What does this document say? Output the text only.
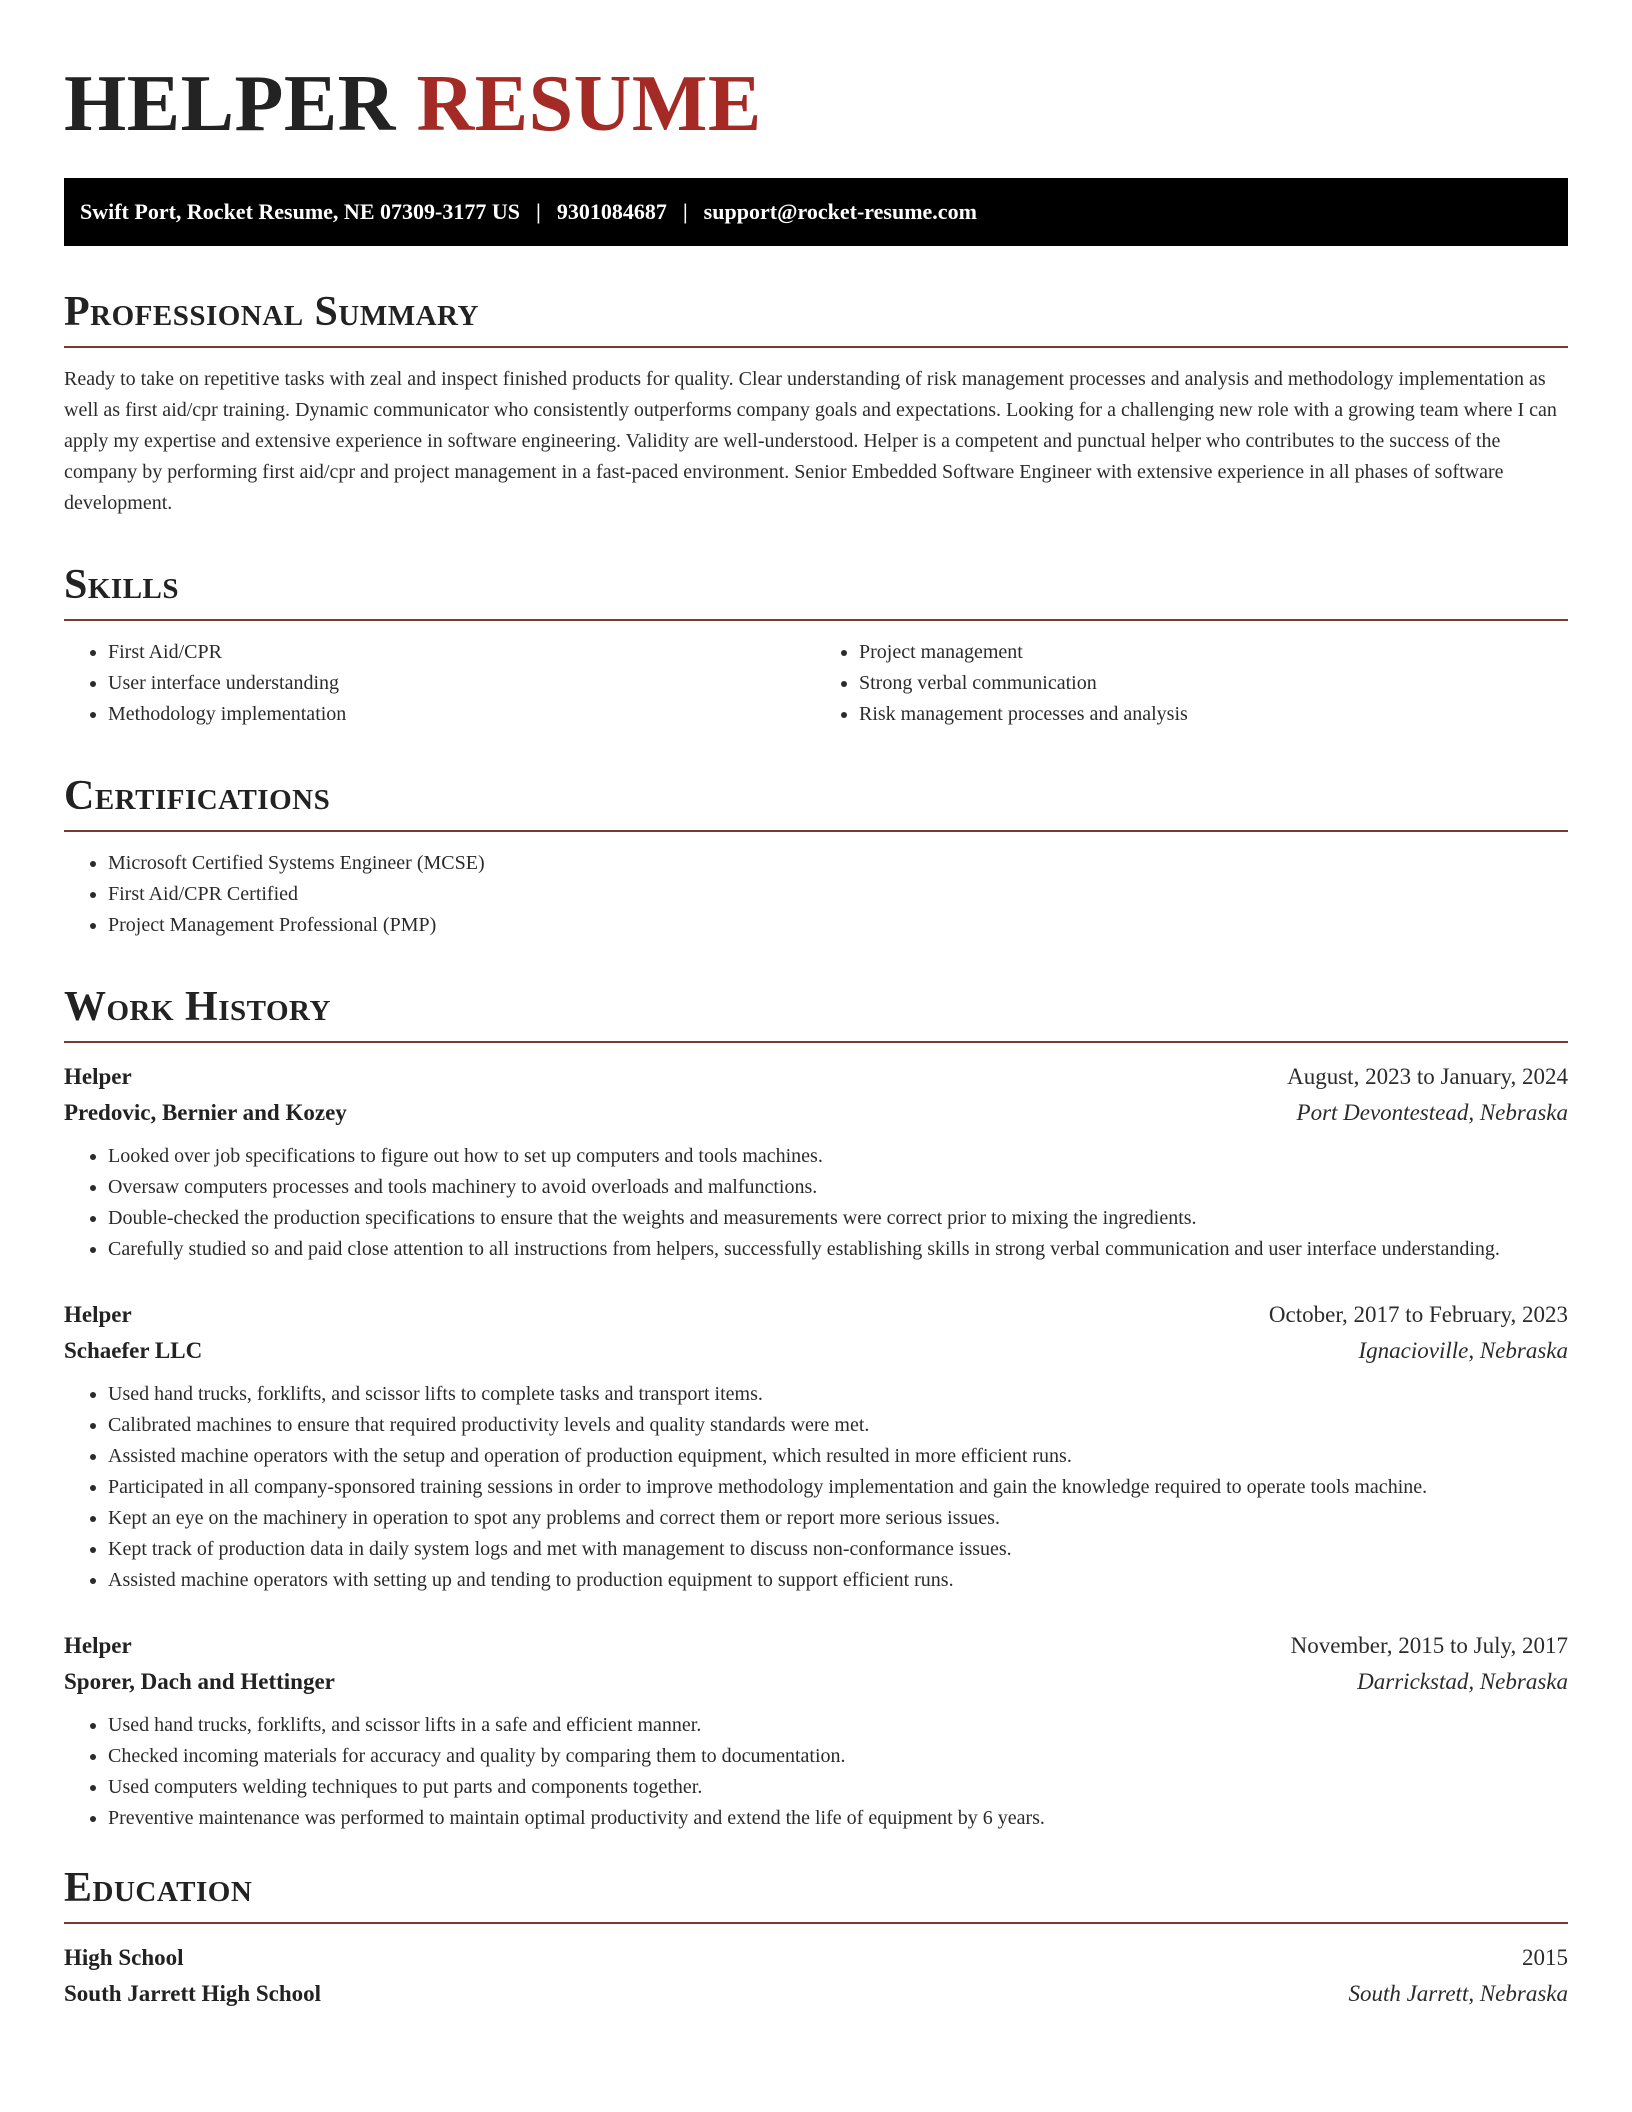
HELPER RESUME
Swift Port, Rocket Resume, NE 07309-3177 US | 9301084687 | support@rocket-resume.com
Professional Summary

Ready to take on repetitive tasks with zeal and inspect finished products for quality. Clear understanding of risk management processes and analysis and methodology implementation as well as first aid/cpr training. Dynamic communicator who consistently outperforms company goals and expectations. Looking for a challenging new role with a growing team where I can apply my expertise and extensive experience in software engineering. Validity are well-understood. Helper is a competent and punctual helper who contributes to the success of the company by performing first aid/cpr and project management in a fast-paced environment. Senior Embedded Software Engineer with extensive experience in all phases of software development.

Skills
• First Aid/CPR
• User interface understanding
• Methodology implementation
• Project management
• Strong verbal communication
• Risk management processes and analysis
Certifications
• Microsoft Certified Systems Engineer (MCSE)
• First Aid/CPR Certified
• Project Management Professional (PMP)
Work History
Helper	August, 2023 to January, 2024
Predovic, Bernier and Kozey	Port Devontestead, Nebraska
• Looked over job specifications to figure out how to set up computers and tools machines.
• Oversaw computers processes and tools machinery to avoid overloads and malfunctions.
• Double-checked the production specifications to ensure that the weights and measurements were correct prior to mixing the ingredients.
• Carefully studied so and paid close attention to all instructions from helpers, successfully establishing skills in strong verbal communication and user interface understanding.
Helper	October, 2017 to February, 2023
Schaefer LLC	Ignacioville, Nebraska
• Used hand trucks, forklifts, and scissor lifts to complete tasks and transport items.
• Calibrated machines to ensure that required productivity levels and quality standards were met.
• Assisted machine operators with the setup and operation of production equipment, which resulted in more efficient runs.
• Participated in all company-sponsored training sessions in order to improve methodology implementation and gain the knowledge required to operate tools machine.
• Kept an eye on the machinery in operation to spot any problems and correct them or report more serious issues.
• Kept track of production data in daily system logs and met with management to discuss non-conformance issues.
• Assisted machine operators with setting up and tending to production equipment to support efficient runs.
Helper	November, 2015 to July, 2017
Sporer, Dach and Hettinger	Darrickstad, Nebraska
• Used hand trucks, forklifts, and scissor lifts in a safe and efficient manner.
• Checked incoming materials for accuracy and quality by comparing them to documentation.
• Used computers welding techniques to put parts and components together.
• Preventive maintenance was performed to maintain optimal productivity and extend the life of equipment by 6 years.
Education
High School	2015
South Jarrett High School	South Jarrett, Nebraska
